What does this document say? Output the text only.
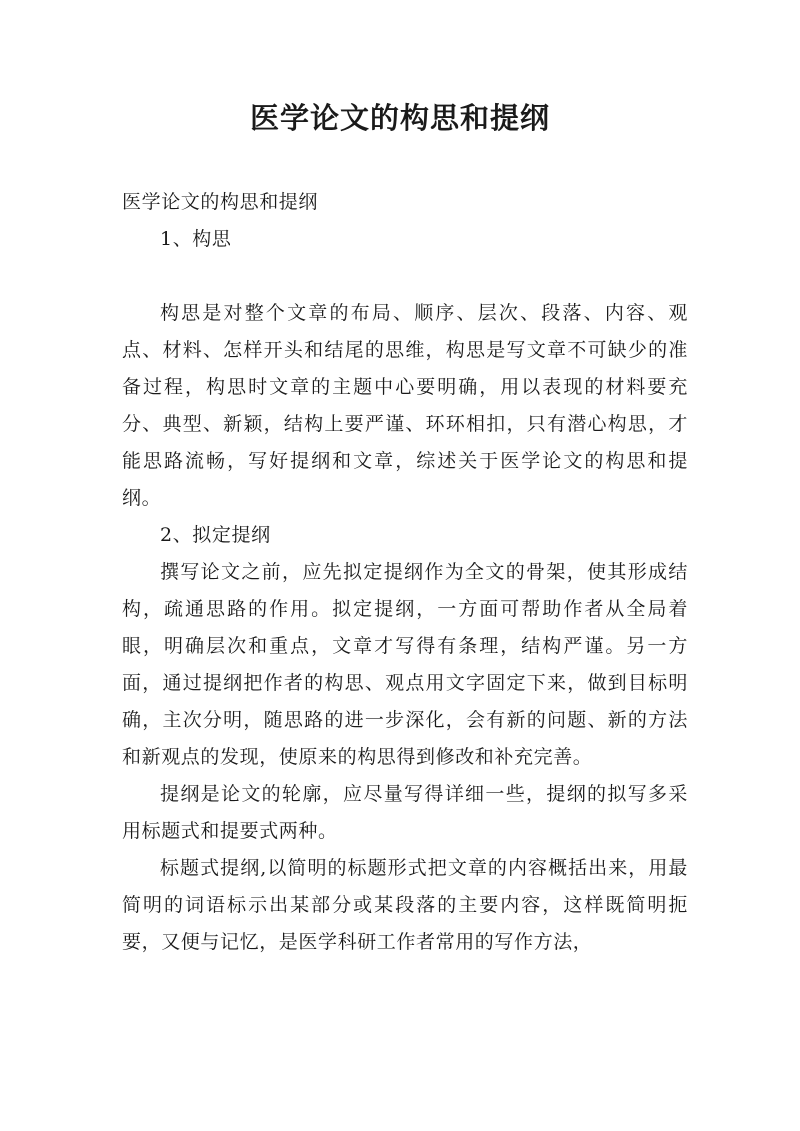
医学论文的构思和提纲

医学论文的构思和提纲

1、构思

构思是对整个文章的布局、顺序、层次、段落、内容、观点、材料、怎样开头和结尾的思维，构思是写文章不可缺少的准备过程，构思时文章的主题中心要明确，用以表现的材料要充分、典型、新颖，结构上要严谨、环环相扣，只有潜心构思，才能思路流畅，写好提纲和文章，综述关于医学论文的构思和提纲。

2、拟定提纲

撰写论文之前，应先拟定提纲作为全文的骨架，使其形成结构，疏通思路的作用。拟定提纲，一方面可帮助作者从全局着眼，明确层次和重点，文章才写得有条理，结构严谨。另一方面，通过提纲把作者的构思、观点用文字固定下来，做到目标明确，主次分明，随思路的进一步深化，会有新的问题、新的方法和新观点的发现，使原来的构思得到修改和补充完善。

提纲是论文的轮廓，应尽量写得详细一些，提纲的拟写多采用标题式和提要式两种。

标题式提纲,以简明的标题形式把文章的内容概括出来，用最简明的词语标示出某部分或某段落的主要内容，这样既简明扼要，又便与记忆，是医学科研工作者常用的写作方法，
